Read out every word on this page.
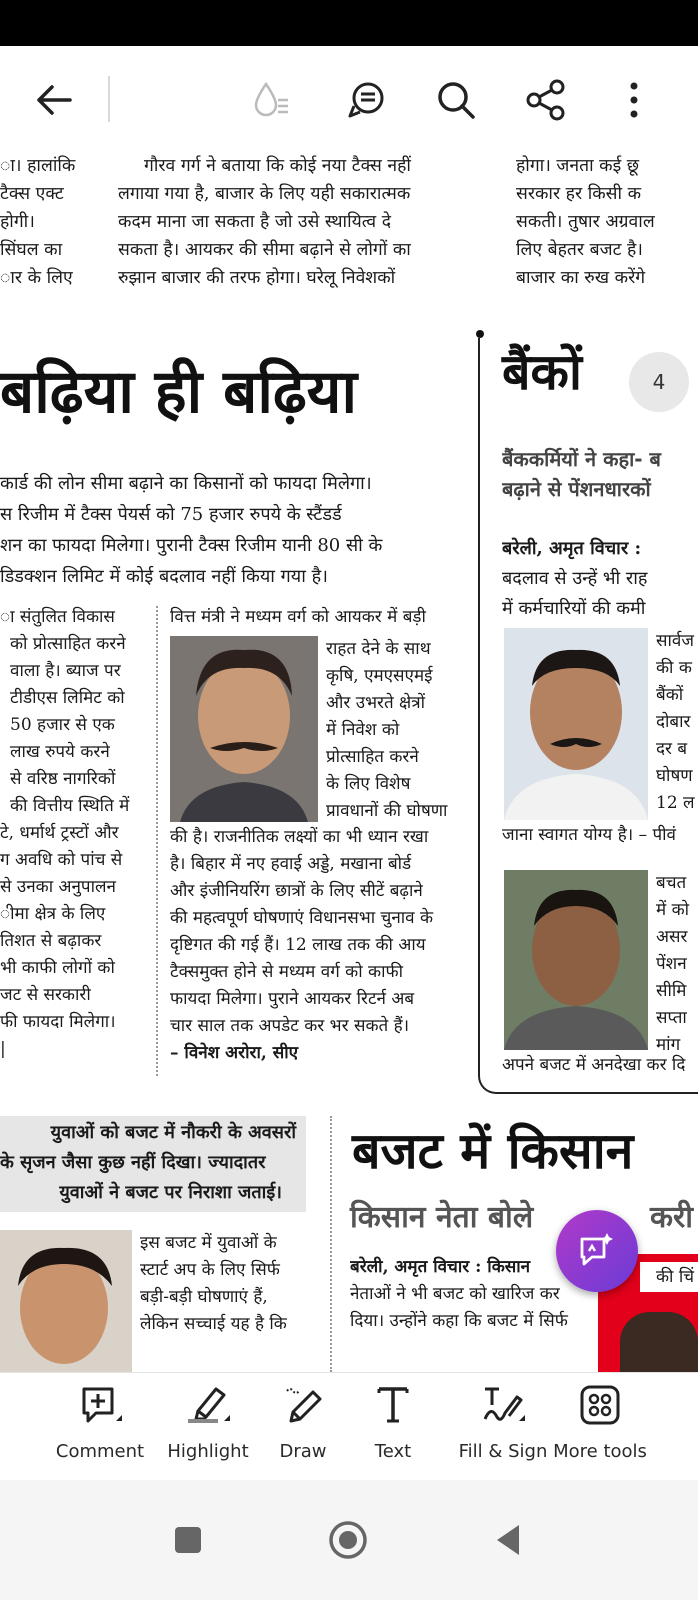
ा। हालांकि
टैक्स एक्ट
होगी।
सिंघल का
ार के लिए
गौरव गर्ग ने बताया कि कोई नया टैक्स नहीं
लगाया गया है, बाजार के लिए यही सकारात्मक
कदम माना जा सकता है जो उसे स्थायित्व दे
सकता है। आयकर की सीमा बढ़ाने से लोगों का
रुझान बाजार की तरफ होगा। घरेलू निवेशकों
होगा। जनता कई छू
सरकार हर किसी क
सकती। तुषार अग्रवाल
लिए बेहतर बजट है।
बाजार का रुख करेंगे
बढ़िया ही बढ़िया
कार्ड की लोन सीमा बढ़ाने का किसानों को फायदा मिलेगा।
स रिजीम में टैक्स पेयर्स को 75 हजार रुपये के स्टैंडर्ड
शन का फायदा मिलेगा। पुरानी टैक्स रिजीम यानी 80 सी के
डिडक्शन लिमिट में कोई बदलाव नहीं किया गया है।
ा संतुलित विकास
को प्रोत्साहित करने
वाला है। ब्याज पर
टीडीएस लिमिट को
50 हजार से एक
लाख रुपये करने
से वरिष्ठ नागरिकों
की वित्तीय स्थिति में
टे, धर्मार्थ ट्रस्टों और
ग अवधि को पांच से
से उनका अनुपालन
ीमा क्षेत्र के लिए
तिशत से बढ़ाकर
भी काफी लोगों को
जट से सरकारी
फी फायदा मिलेगा।
|
वित्त मंत्री ने मध्यम वर्ग को आयकर में बड़ी
राहत देने के साथ
कृषि, एमएसएमई
और उभरते क्षेत्रों
में निवेश को
प्रोत्साहित करने
के लिए विशेष
प्रावधानों की घोषणा
की है। राजनीतिक लक्ष्यों का भी ध्यान रखा
है। बिहार में नए हवाई अड्डे, मखाना बोर्ड
और इंजीनियरिंग छात्रों के लिए सीटें बढ़ाने
की महत्वपूर्ण घोषणाएं विधानसभा चुनाव के
दृष्टिगत की गई हैं। 12 लाख तक की आय
टैक्समुक्त होने से मध्यम वर्ग को काफी
फायदा मिलेगा। पुराने आयकर रिटर्न अब
चार साल तक अपडेट कर भर सकते हैं।
– विनेश अरोरा, सीए
बैंकों	4
बैंककर्मियों ने कहा- ब
बढ़ाने से पेंशनधारकों
बरेली, अमृत विचार :
बदलाव से उन्हें भी राह
में कर्मचारियों की कमी
सार्वज
की क
बैंकों
दोबार
दर ब
घोषण
12 ल
जाना स्वागत योग्य है। – पीवं
बचत
में को
असर
पेंशन
सीमि
सप्ता
मांग
अपने बजट में अनदेखा कर दि
युवाओं को बजट में नौकरी के अवसरों
के सृजन जैसा कुछ नहीं दिखा। ज्यादातर
युवाओं ने बजट पर निराशा जताई।
इस बजट में युवाओं के
स्टार्ट अप के लिए सिर्फ
बड़ी-बड़ी घोषणाएं हैं,
लेकिन सच्चाई यह है कि
बजट में किसान
किसान नेता बोले	करी
बरेली, अमृत विचार : किसान
नेताओं ने भी बजट को खारिज कर
दिया। उन्होंने कहा कि बजट में सिर्फ
की चिं
Comment Highlight Draw	Text	Fill & Sign More tools
